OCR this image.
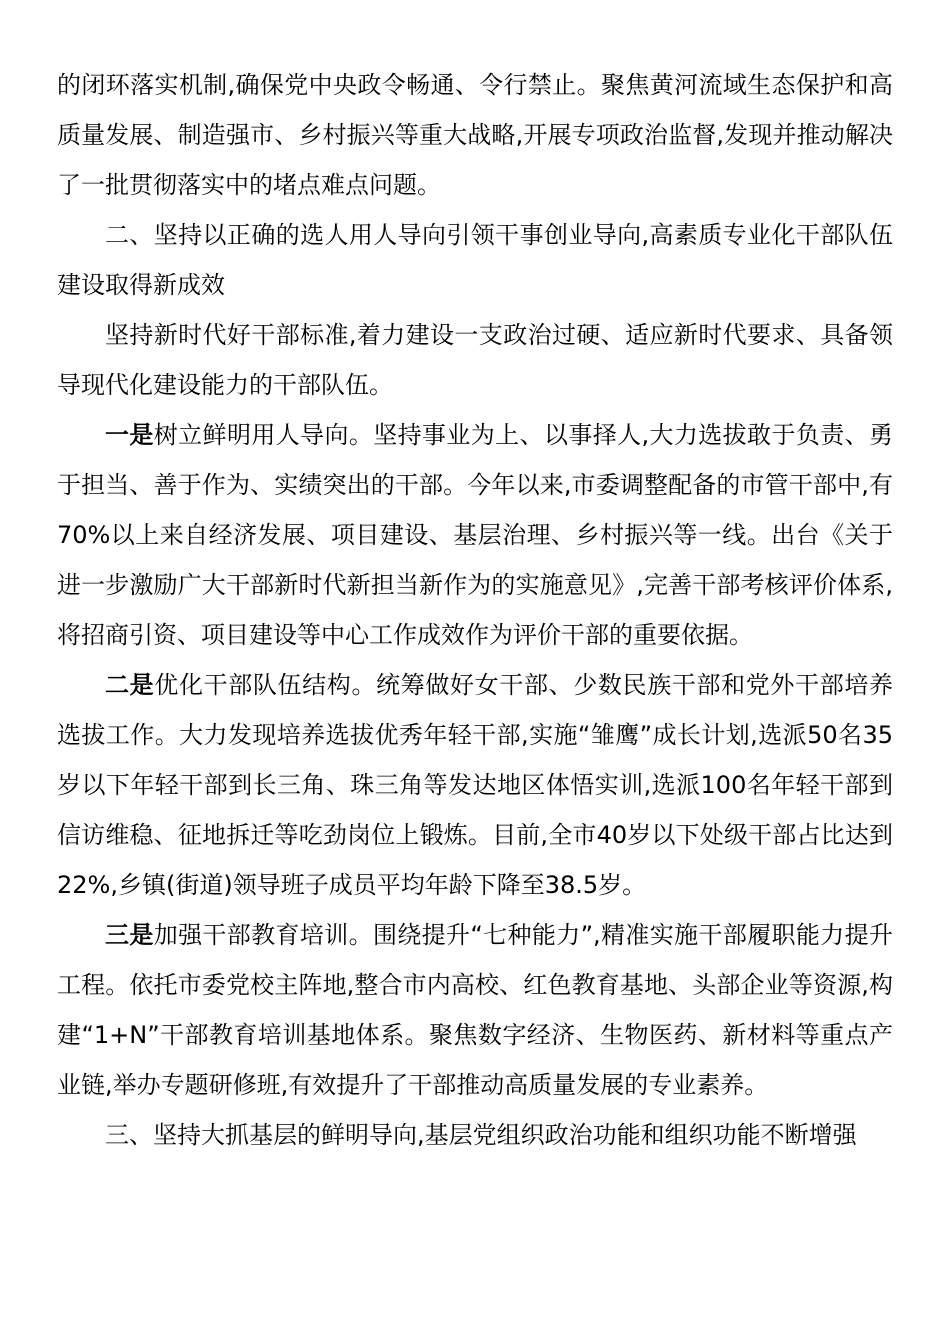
的闭环落实机制,确保党中央政令畅通、令行禁止。聚焦黄河流域生态保护和高质量发展、制造强市、乡村振兴等重大战略,开展专项政治监督,发现并推动解决了一批贯彻落实中的堵点难点问题。

二、坚持以正确的选人用人导向引领干事创业导向,高素质专业化干部队伍建设取得新成效

坚持新时代好干部标准,着力建设一支政治过硬、适应新时代要求、具备领导现代化建设能力的干部队伍。

一是树立鲜明用人导向。坚持事业为上、以事择人,大力选拔敢于负责、勇于担当、善于作为、实绩突出的干部。今年以来,市委调整配备的市管干部中,有70%以上来自经济发展、项目建设、基层治理、乡村振兴等一线。出台《关于进一步激励广大干部新时代新担当新作为的实施意见》,完善干部考核评价体系,将招商引资、项目建设等中心工作成效作为评价干部的重要依据。

二是优化干部队伍结构。统筹做好女干部、少数民族干部和党外干部培养选拔工作。大力发现培养选拔优秀年轻干部,实施“雏鹰”成长计划,选派50名35岁以下年轻干部到长三角、珠三角等发达地区体悟实训,选派100名年轻干部到信访维稳、征地拆迁等吃劲岗位上锻炼。目前,全市40岁以下处级干部占比达到22%,乡镇(街道)领导班子成员平均年龄下降至38.5岁。

三是加强干部教育培训。围绕提升“七种能力”,精准实施干部履职能力提升工程。依托市委党校主阵地,整合市内高校、红色教育基地、头部企业等资源,构建“1+N”干部教育培训基地体系。聚焦数字经济、生物医药、新材料等重点产业链,举办专题研修班,有效提升了干部推动高质量发展的专业素养。

三、坚持大抓基层的鲜明导向,基层党组织政治功能和组织功能不断增强
